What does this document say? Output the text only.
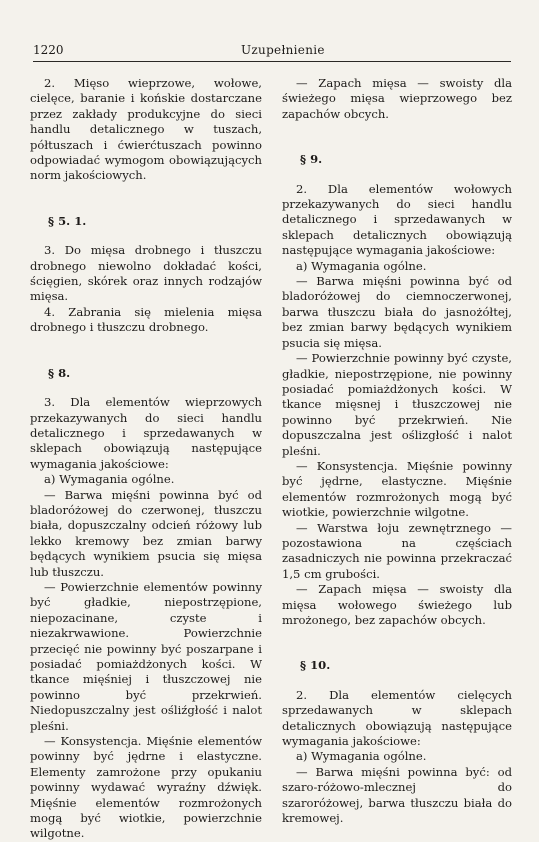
1220	Uzupełnienie

2. Mięso wieprzowe, wołowe, cielęce, baranie i końskie dostarczane przez zakłady produkcyjne do sieci handlu detalicznego w tuszach, półtuszach i ćwierćtuszach powinno odpowiadać wymogom obowiązujących norm jakościowych.

§ 5. 1.

3. Do mięsa drobnego i tłuszczu drobnego niewolno dokładać kości, ścięgien, skórek oraz innych rodzajów mięsa.

4. Zabrania się mielenia mięsa drobnego i tłuszczu drobnego.

§ 8.

3. Dla elementów wieprzowych przekazywanych do sieci handlu detalicznego i sprzedawanych w sklepach obowiązują następujące wymagania jakościowe:

a) Wymagania ogólne.

— Barwa mięśni powinna być od bladoróżowej do czerwonej, tłuszczu biała, dopuszczalny odcień różowy lub lekko kremowy bez zmian barwy będących wynikiem psucia się mięsa lub tłuszczu.

— Powierzchnie elementów powinny być gładkie, niepostrzępione, niepozacinane, czyste i niezakrwawione. Powierzchnie przecięć nie powinny być poszarpane i posiadać pomiażdżonych kości. W tkance mięśniej i tłuszczowej nie powinno być przekrwień. Niedopuszczalny jest ośliźgłość i nalot pleśni.

— Konsystencja. Mięśnie elementów powinny być jędrne i elastyczne. Elementy zamrożone przy opukaniu powinny wydawać wyraźny dźwięk. Mięśnie elementów rozmrożonych mogą być wiotkie, powierzchnie wilgotne.

— Zapach mięsa — swoisty dla świeżego mięsa wieprzowego bez zapachów obcych.

§ 9.

2. Dla elementów wołowych przekazywanych do sieci handlu detalicznego i sprzedawanych w sklepach detalicznych obowiązują następujące wymagania jakościowe:

a) Wymagania ogólne.

— Barwa mięśni powinna być od bladoróżowej do ciemnoczerwonej, barwa tłuszczu biała do jasnożółtej, bez zmian barwy będących wynikiem psucia się mięsa.

— Powierzchnie powinny być czyste, gładkie, niepostrzępione, nie powinny posiadać pomiażdżonych kości. W tkance mięsnej i tłuszczowej nie powinno być przekrwień. Nie dopuszczalna jest oślizgłość i nalot pleśni.

— Konsystencja. Mięśnie powinny być jędrne, elastyczne. Mięśnie elementów rozmrożonych mogą być wiotkie, powierzchnie wilgotne.

— Warstwa łoju zewnętrznego — pozostawiona na częściach zasadniczych nie powinna przekraczać 1,5 cm grubości.

— Zapach mięsa — swoisty dla mięsa wołowego świeżego lub mrożonego, bez zapachów obcych.

§ 10.

2. Dla elementów cielęcych sprzedawanych w sklepach detalicznych obowiązują następujące wymagania jakościowe:

a) Wymagania ogólne.

— Barwa mięśni powinna być: od szaro-różowo-mlecznej do szaroróżowej, barwa tłuszczu biała do kremowej.
